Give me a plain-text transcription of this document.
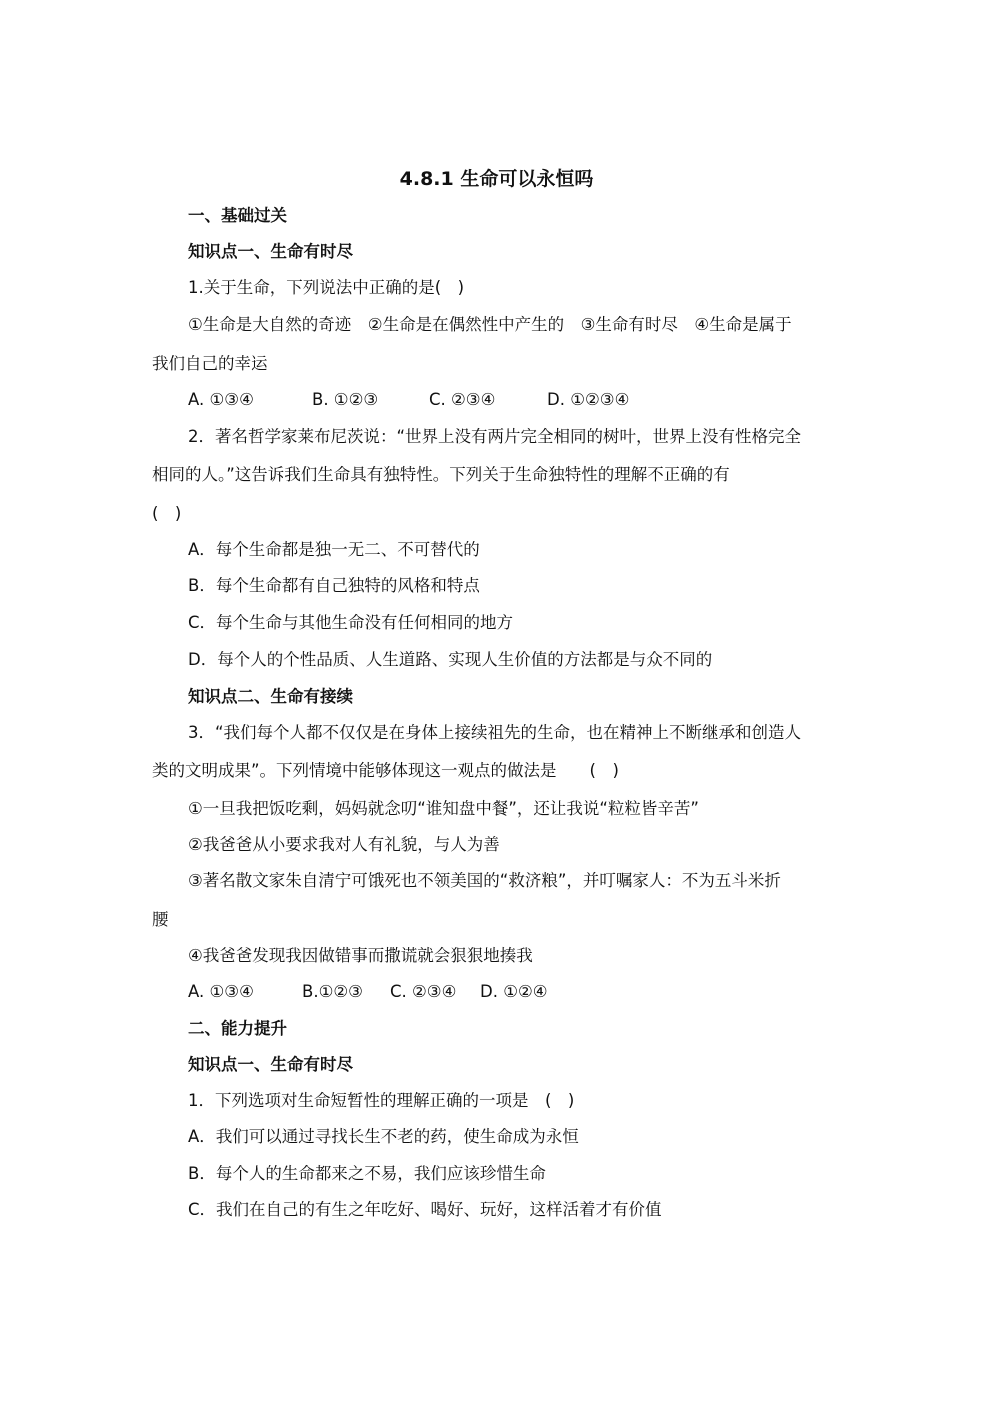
4.8.1 生命可以永恒吗
一、基础过关
知识点一、生命有时尽
1.关于生命，下列说法中正确的是(　)
①生命是大自然的奇迹　②生命是在偶然性中产生的　③生命有时尽　④生命是属于
我们自己的幸运
A. ①③④	B. ①②③	C. ②③④	D. ①②③④
2．著名哲学家莱布尼茨说：“世界上没有两片完全相同的树叶，世界上没有性格完全
相同的人。”这告诉我们生命具有独特性。下列关于生命独特性的理解不正确的有
(　)
A．每个生命都是独一无二、不可替代的
B．每个生命都有自己独特的风格和特点
C．每个生命与其他生命没有任何相同的地方
D．每个人的个性品质、人生道路、实现人生价值的方法都是与众不同的
知识点二、生命有接续
3．“我们每个人都不仅仅是在身体上接续祖先的生命，也在精神上不断继承和创造人
类的文明成果”。下列情境中能够体现这一观点的做法是　　(　)
①一旦我把饭吃剩，妈妈就念叨“谁知盘中餐”，还让我说“粒粒皆辛苦”
②我爸爸从小要求我对人有礼貌，与人为善
③著名散文家朱自清宁可饿死也不领美国的“救济粮”，并叮嘱家人：不为五斗米折
腰
④我爸爸发现我因做错事而撒谎就会狠狠地揍我
A. ①③④	B.①②③ C. ②③④ D. ①②④
二、能力提升
知识点一、生命有时尽
1．下列选项对生命短暂性的理解正确的一项是　(　)
A．我们可以通过寻找长生不老的药，使生命成为永恒
B．每个人的生命都来之不易，我们应该珍惜生命
C．我们在自己的有生之年吃好、喝好、玩好，这样活着才有价值
